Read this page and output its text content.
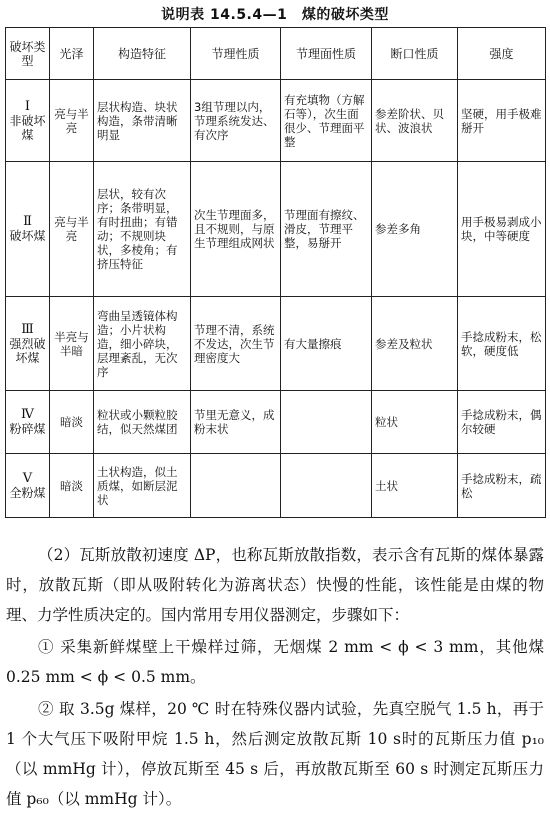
说明表 14.5.4—1　煤的破坏类型
破坏类型	光泽	构造特征	节理性质	节理面性质	断口性质	强度

Ⅰ
非破坏煤	亮与半亮	层状构造、块状构造，条带清晰明显	3组节理以内，节理系统发达、有次序	有充填物（方解石等），次生面很少、节理面平整	参差阶状、贝状、波浪状	坚硬，用手极难掰开

Ⅱ
破坏煤	亮与半亮	层状，较有次序；条带明显，有时扭曲；有错动；不规则块状，多棱角；有挤压特征	次生节理面多，且不规则，与原生节理组成网状	节理面有擦纹、滑皮，节理平整，易掰开	参差多角	用手极易剥成小块，中等硬度

Ⅲ
强烈破坏煤	半亮与半暗	弯曲呈透镜体构造；小片状构造，细小碎块，层理紊乱，无次序	节理不清，系统不发达，次生节理密度大	有大量擦痕	参差及粒状	手捻成粉末，松软，硬度低

Ⅳ
粉碎煤	暗淡	粒状或小颗粒胶结，似天然煤团	节里无意义，成粉末状		粒状	手捻成粉末，偶尔较硬

Ⅴ
全粉煤	暗淡	土状构造，似土质煤，如断层泥状			土状	手捻成粉末，疏松

（2）瓦斯放散初速度 ΔP，也称瓦斯放散指数，表示含有瓦斯的煤体暴露时，放散瓦斯（即从吸附转化为游离状态）快慢的性能，该性能是由煤的物理、力学性质决定的。国内常用专用仪器测定，步骤如下：

① 采集新鲜煤壁上干燥样过筛，无烟煤 2 mm < ϕ < 3 mm，其他煤 0.25 mm < ϕ < 0.5 mm。

② 取 3.5g 煤样，20 ℃ 时在特殊仪器内试验，先真空脱气 1.5 h，再于 1 个大气压下吸附甲烷 1.5 h，然后测定放散瓦斯 10 s时的瓦斯压力值 p₁₀（以 mmHg 计），停放瓦斯至 45 s 后，再放散瓦斯至 60 s 时测定瓦斯压力值 p₆₀（以 mmHg 计）。
